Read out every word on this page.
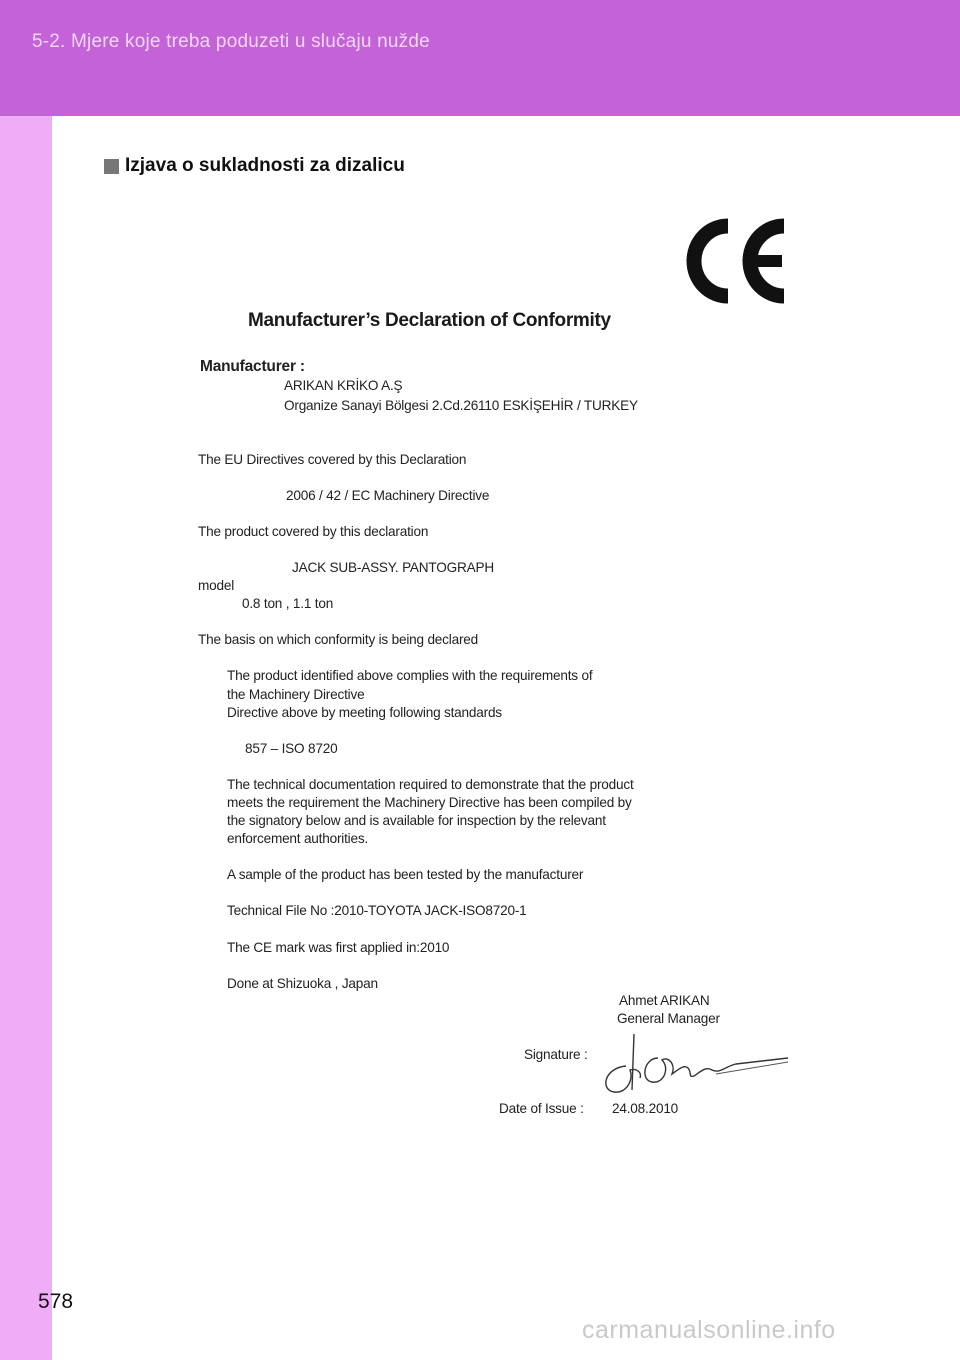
5-2. Mjere koje treba poduzeti u slučaju nužde
578
Izjava o sukladnosti za dizalicu
Manufacturer’s Declaration of Conformity
Manufacturer :
ARIKAN KRİKO A.Ş
Organize Sanayi Bölgesi 2.Cd.26110 ESKİŞEHİR / TURKEY
The EU Directives covered by this Declaration
2006 / 42 / EC Machinery Directive
The product covered by this declaration
JACK SUB-ASSY. PANTOGRAPH
model
0.8 ton , 1.1 ton
The basis on which conformity is being declared
The product identified above complies with the requirements of
the Machinery Directive
Directive above by meeting following standards
857 – ISO 8720
The technical documentation required to demonstrate that the product
meets the requirement the Machinery Directive has been compiled by
the signatory below and is available for inspection by the relevant
enforcement authorities.
A sample of the product has been tested by the manufacturer
Technical File No :2010-TOYOTA JACK-ISO8720-1
The CE mark was first applied in:2010
Done at Shizuoka , Japan
Ahmet ARIKAN
General Manager
Signature :
Date of Issue : 24.08.2010
carmanualsonline.info
